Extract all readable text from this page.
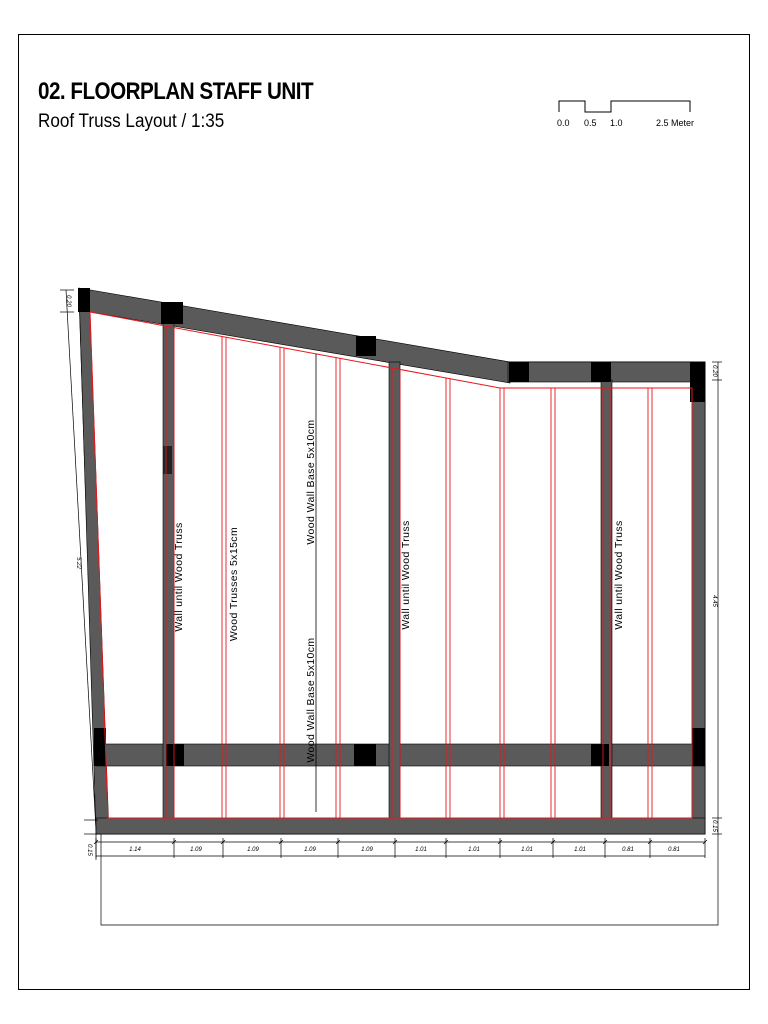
02. FLOORPLAN STAFF UNIT
Roof Truss Layout / 1:35	0.0 0.5 1.0	2.5 Meter
1.14	1.09	1.09	1.09	1.09	1.01	1.01	1.01	1.01	0.81	0.81
5.22
0.20
0.15
4.45
0.20
0.15
Wall until Wood Truss	Wood Trusses 5x15cm
Wood Wall Base 5x10cm
Wood Wall Base 5x10cm
Wall until Wood Truss	Wall until Wood Truss
